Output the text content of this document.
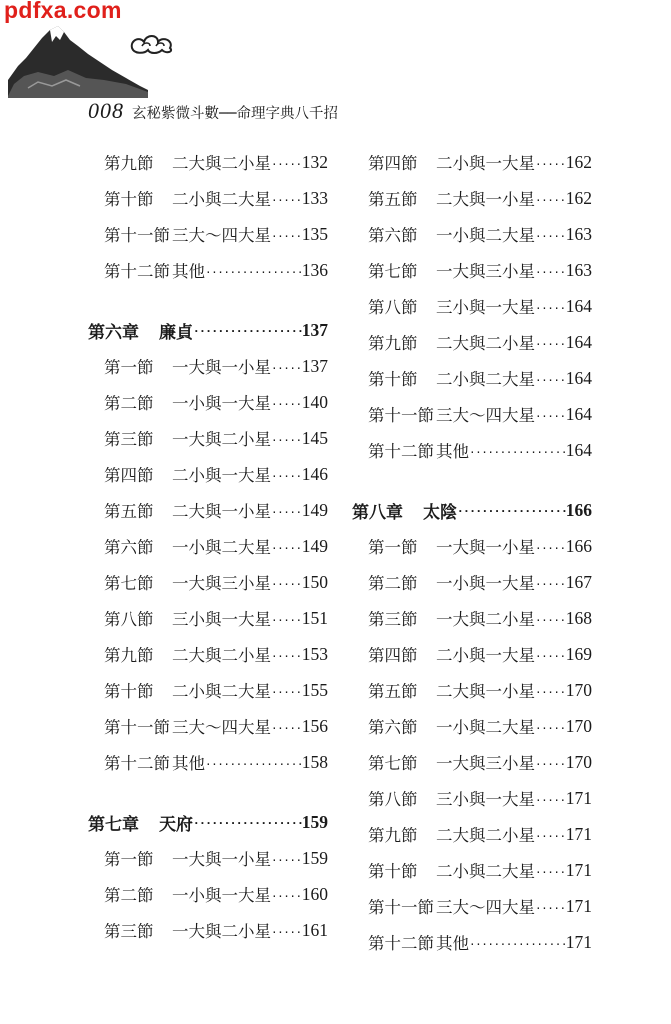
pdfxa.com
008 玄秘紫微斗數──命理字典八千招
第九節	二大與二小星 ····· 132
第十節	二小與二大星 ····· 133
第十一節 三大～四大星 ····· 135
第十二節 其他 ·····	136
第六章 廉貞 ·····	137
第一節	一大與一小星 ····· 137
第二節	一小與一大星 ····· 140
第三節	一大與二小星 ····· 145
第四節	二小與一大星 ····· 146
第五節	二大與一小星 ····· 149
第六節	一小與二大星 ····· 149
第七節	一大與三小星 ····· 150
第八節	三小與一大星 ····· 151
第九節	二大與二小星 ····· 153
第十節	二小與二大星 ····· 155
第十一節 三大～四大星 ····· 156
第十二節 其他 ·····	158
第七章 天府 ·····	159
第一節	一大與一小星 ····· 159
第二節	一小與一大星 ····· 160
第三節	一大與二小星 ····· 161
第四節	二小與一大星 ····· 162
第五節	二大與一小星 ····· 162
第六節	一小與二大星 ····· 163
第七節	一大與三小星 ····· 163
第八節	三小與一大星 ····· 164
第九節	二大與二小星 ····· 164
第十節	二小與二大星 ····· 164
第十一節 三大～四大星 ····· 164
第十二節 其他 ·····	164
第八章 太陰 ·····	166
第一節	一大與一小星 ····· 166
第二節	一小與一大星 ····· 167
第三節	一大與二小星 ····· 168
第四節	二小與一大星 ····· 169
第五節	二大與一小星 ····· 170
第六節	一小與二大星 ····· 170
第七節	一大與三小星 ····· 170
第八節	三小與一大星 ····· 171
第九節	二大與二小星 ····· 171
第十節	二小與二大星 ····· 171
第十一節 三大～四大星 ····· 171
第十二節 其他 ·····	171
